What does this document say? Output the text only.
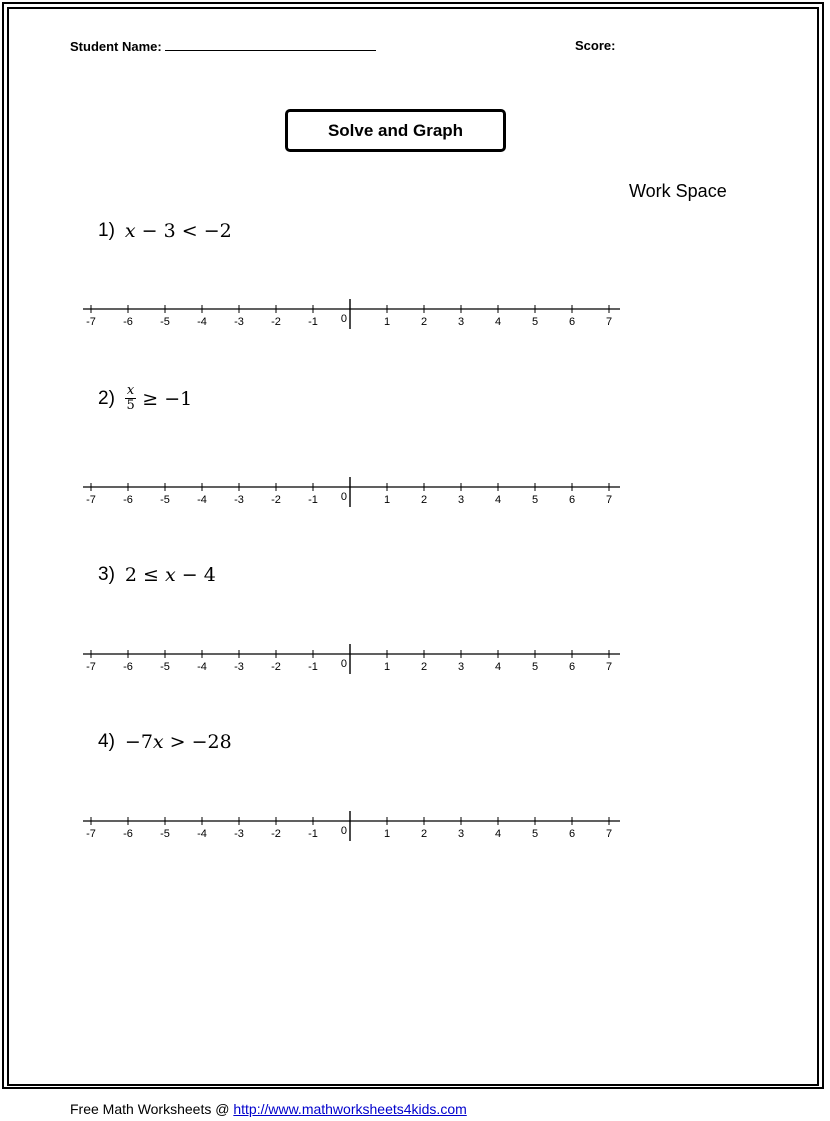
Student Name:	Score:
Solve and Graph
Work Space
1) x − 3 < −2
$2) \frac{x}{5} \ge -1$
3) 2 ≤ x − 4
4) −7 x > −28
-7 -6 -5 -4 -3 -2 -1 0	1	2	3	4	5	6	7
-7 -6 -5 -4 -3 -2 -1 0	1	2	3	4	5	6	7
-7 -6 -5 -4 -3 -2 -1 0	1	2	3	4	5	6	7
-7 -6 -5 -4 -3 -2 -1 0	1	2	3	4	5	6	7
Free Math Worksheets @ http://www.mathworksheets4kids.com
